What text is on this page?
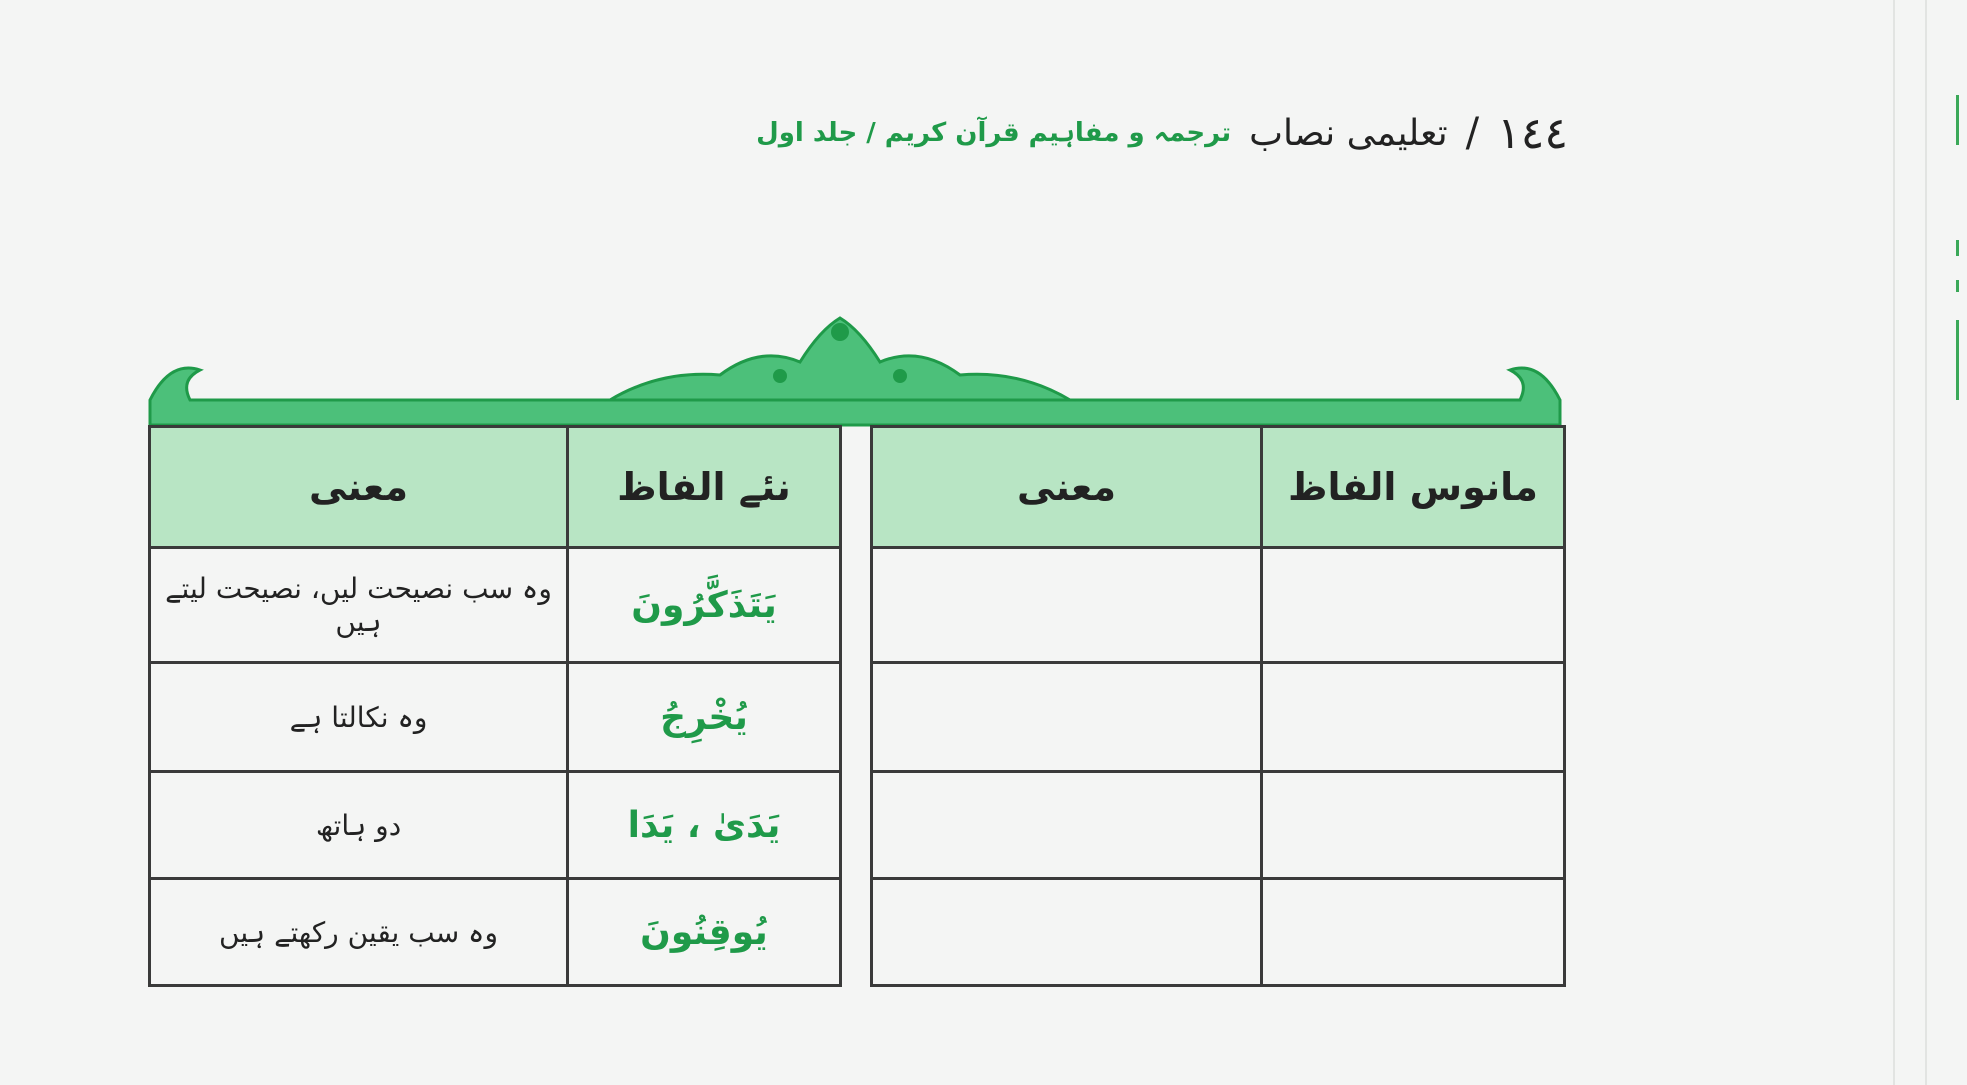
١٤٤
/
تعلیمی نصاب
ترجمہ و مفاہیم قرآن کریم / جلد اول
مانوس الفاظ	معنی

نئے الفاظ	معنی
یَتَذَکَّرُونَ	وہ سب نصیحت لیں، نصیحت لیتے ہیں
یُخْرِجُ	وہ نکالتا ہے
یَدَیٰ ، یَدَا	دو ہاتھ
یُوقِنُونَ	وہ سب یقین رکھتے ہیں
